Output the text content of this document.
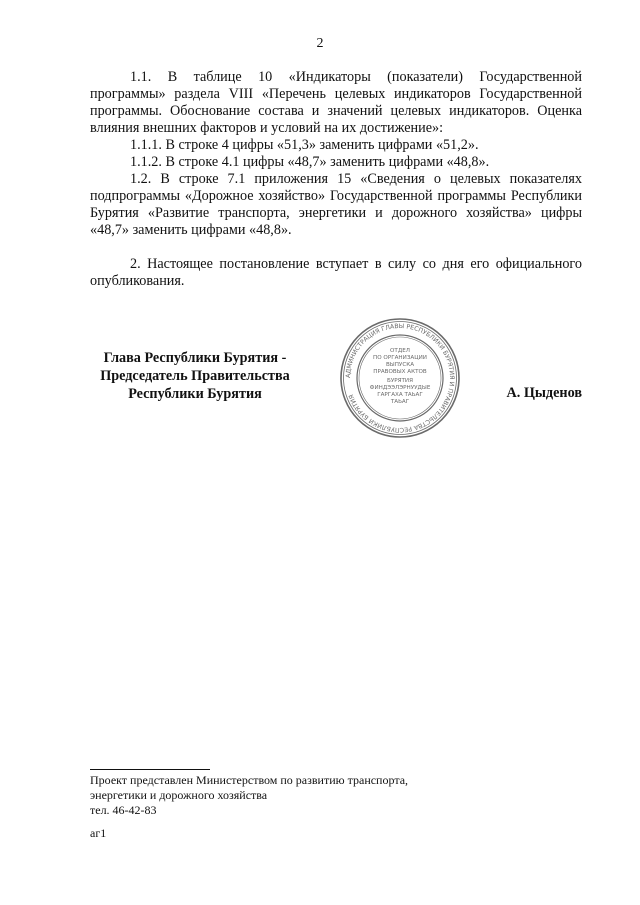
2

1.1. В таблице 10 «Индикаторы (показатели) Государственной программы» раздела VIII «Перечень целевых индикаторов Государственной программы. Обоснование состава и значений целевых индикаторов. Оценка влияния внешних факторов и условий на их достижение»:

1.1.1. В строке 4 цифры «51,3» заменить цифрами «51,2».

1.1.2. В строке 4.1 цифры «48,7» заменить цифрами «48,8».

1.2. В строке 7.1 приложения 15 «Сведения о целевых показателях подпрограммы «Дорожное хозяйство» Государственной программы Республики Бурятия «Развитие транспорта, энергетики и дорожного хозяйства» цифры «48,7» заменить цифрами «48,8».

2. Настоящее постановление вступает в силу со дня его официального опубликования.

Глава Республики Бурятия -
Председатель Правительства
Республики Бурятия
АДМИНИСТРАЦИЯ ГЛАВЫ РЕСПУБЛИКИ БУРЯТИЯ И ПРАВИТЕЛЬСТВА РЕСПУБЛИКИ БУРЯТИЯ
ОТДЕЛ
ПО ОРГАНИЗАЦИИ
ВЫПУСКА
ПРАВОВЫХ АКТОВ
БУРЯТИЯ
ФИНДЭЭЛЭРНУУДЫЕ
ГАРГАХА ТАЬАГ
ТАЬАГ
А. Цыденов
Проект представлен Министерством по развитию транспорта,
энергетики и дорожного хозяйства
тел. 46-42-83
аг1
